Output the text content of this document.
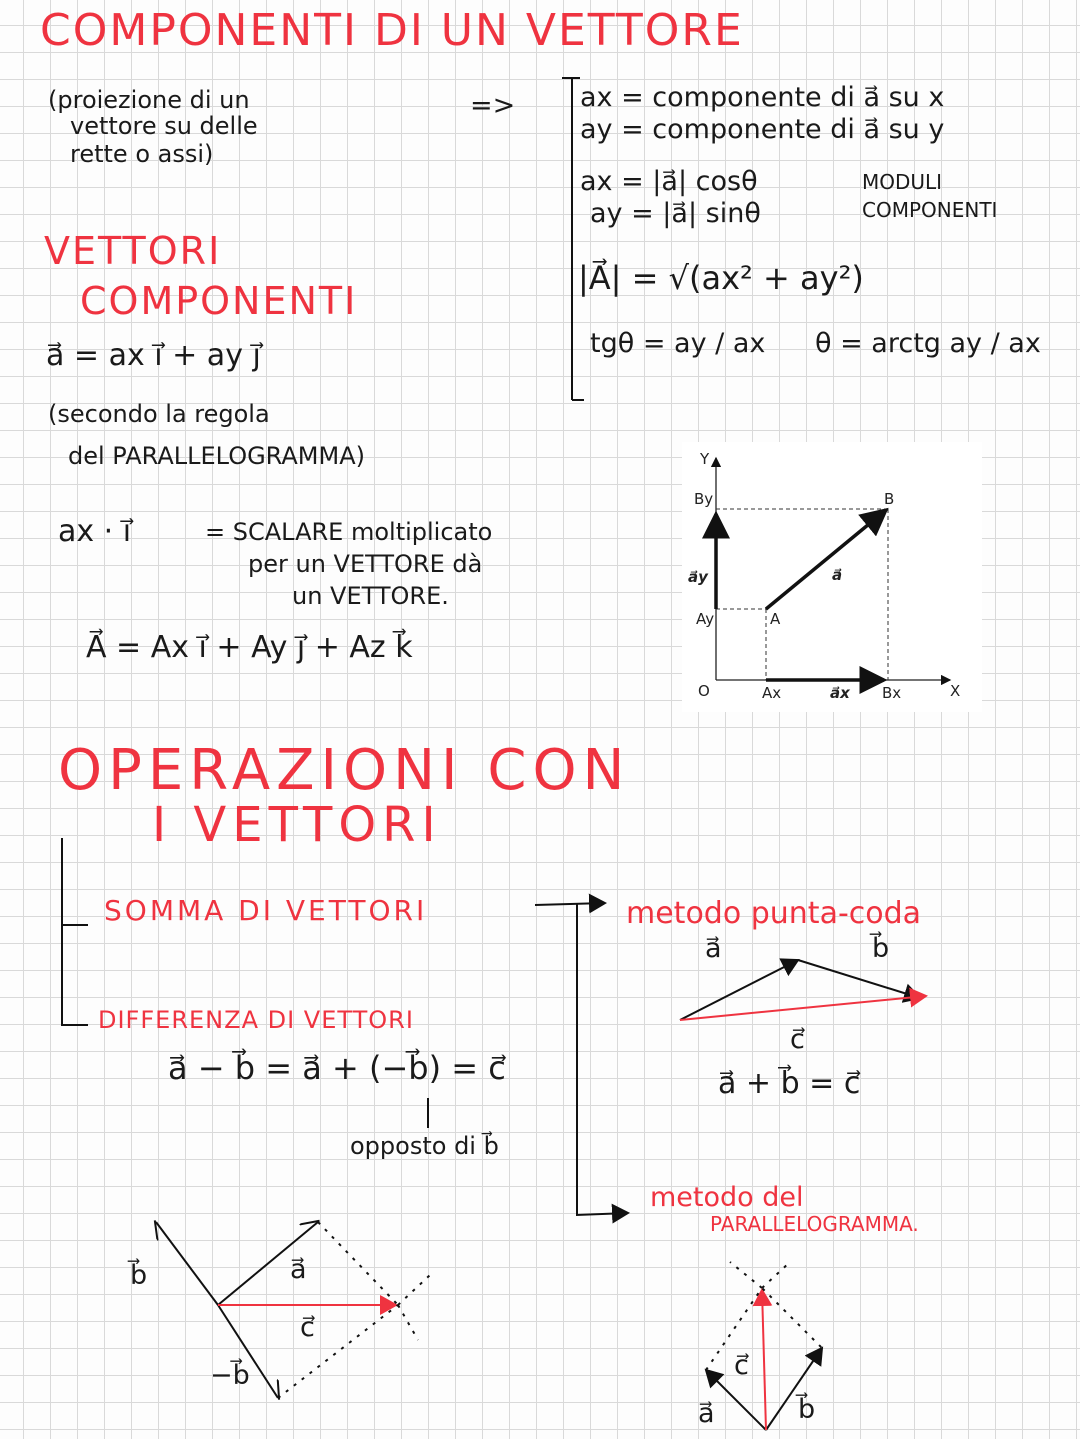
COMPONENTI DI UN VETTORE
(proiezione di un
vettore su delle
rette o assi)
=> ax = componente di a⃗ su x
ay = componente di a⃗ su y
ax = |a⃗| cosθ
ay = |a⃗| sinθ
MODULI
COMPONENTI
|A⃗| = √(ax² + ay²)
tgθ = ay / ax θ = arctg ay / ax
VETTORI
COMPONENTI
a⃗ = ax i⃗ + ay j⃗
(secondo la regola
del PARALLELOGRAMMA)
ax · i⃗	= SCALARE moltiplicato
per un VETTORE dà
un VETTORE.
A⃗ = Ax i⃗ + Ay j⃗ + Az k⃗
Y
X
O
By	B
a⃗y	a⃗
Ay	A
Ax	a⃗x Bx
OPERAZIONI CON
I VETTORI
SOMMA DI VETTORI
DIFFERENZA DI VETTORI
a⃗ − b⃗ = a⃗ + (−b⃗) = c⃗
opposto di b⃗
metodo punta-coda
a⃗	b⃗
c⃗
a⃗ + b⃗ = c⃗
metodo del
PARALLELOGRAMMA.
b⃗	a⃗
c⃗
−b⃗
a⃗
c⃗
b⃗
